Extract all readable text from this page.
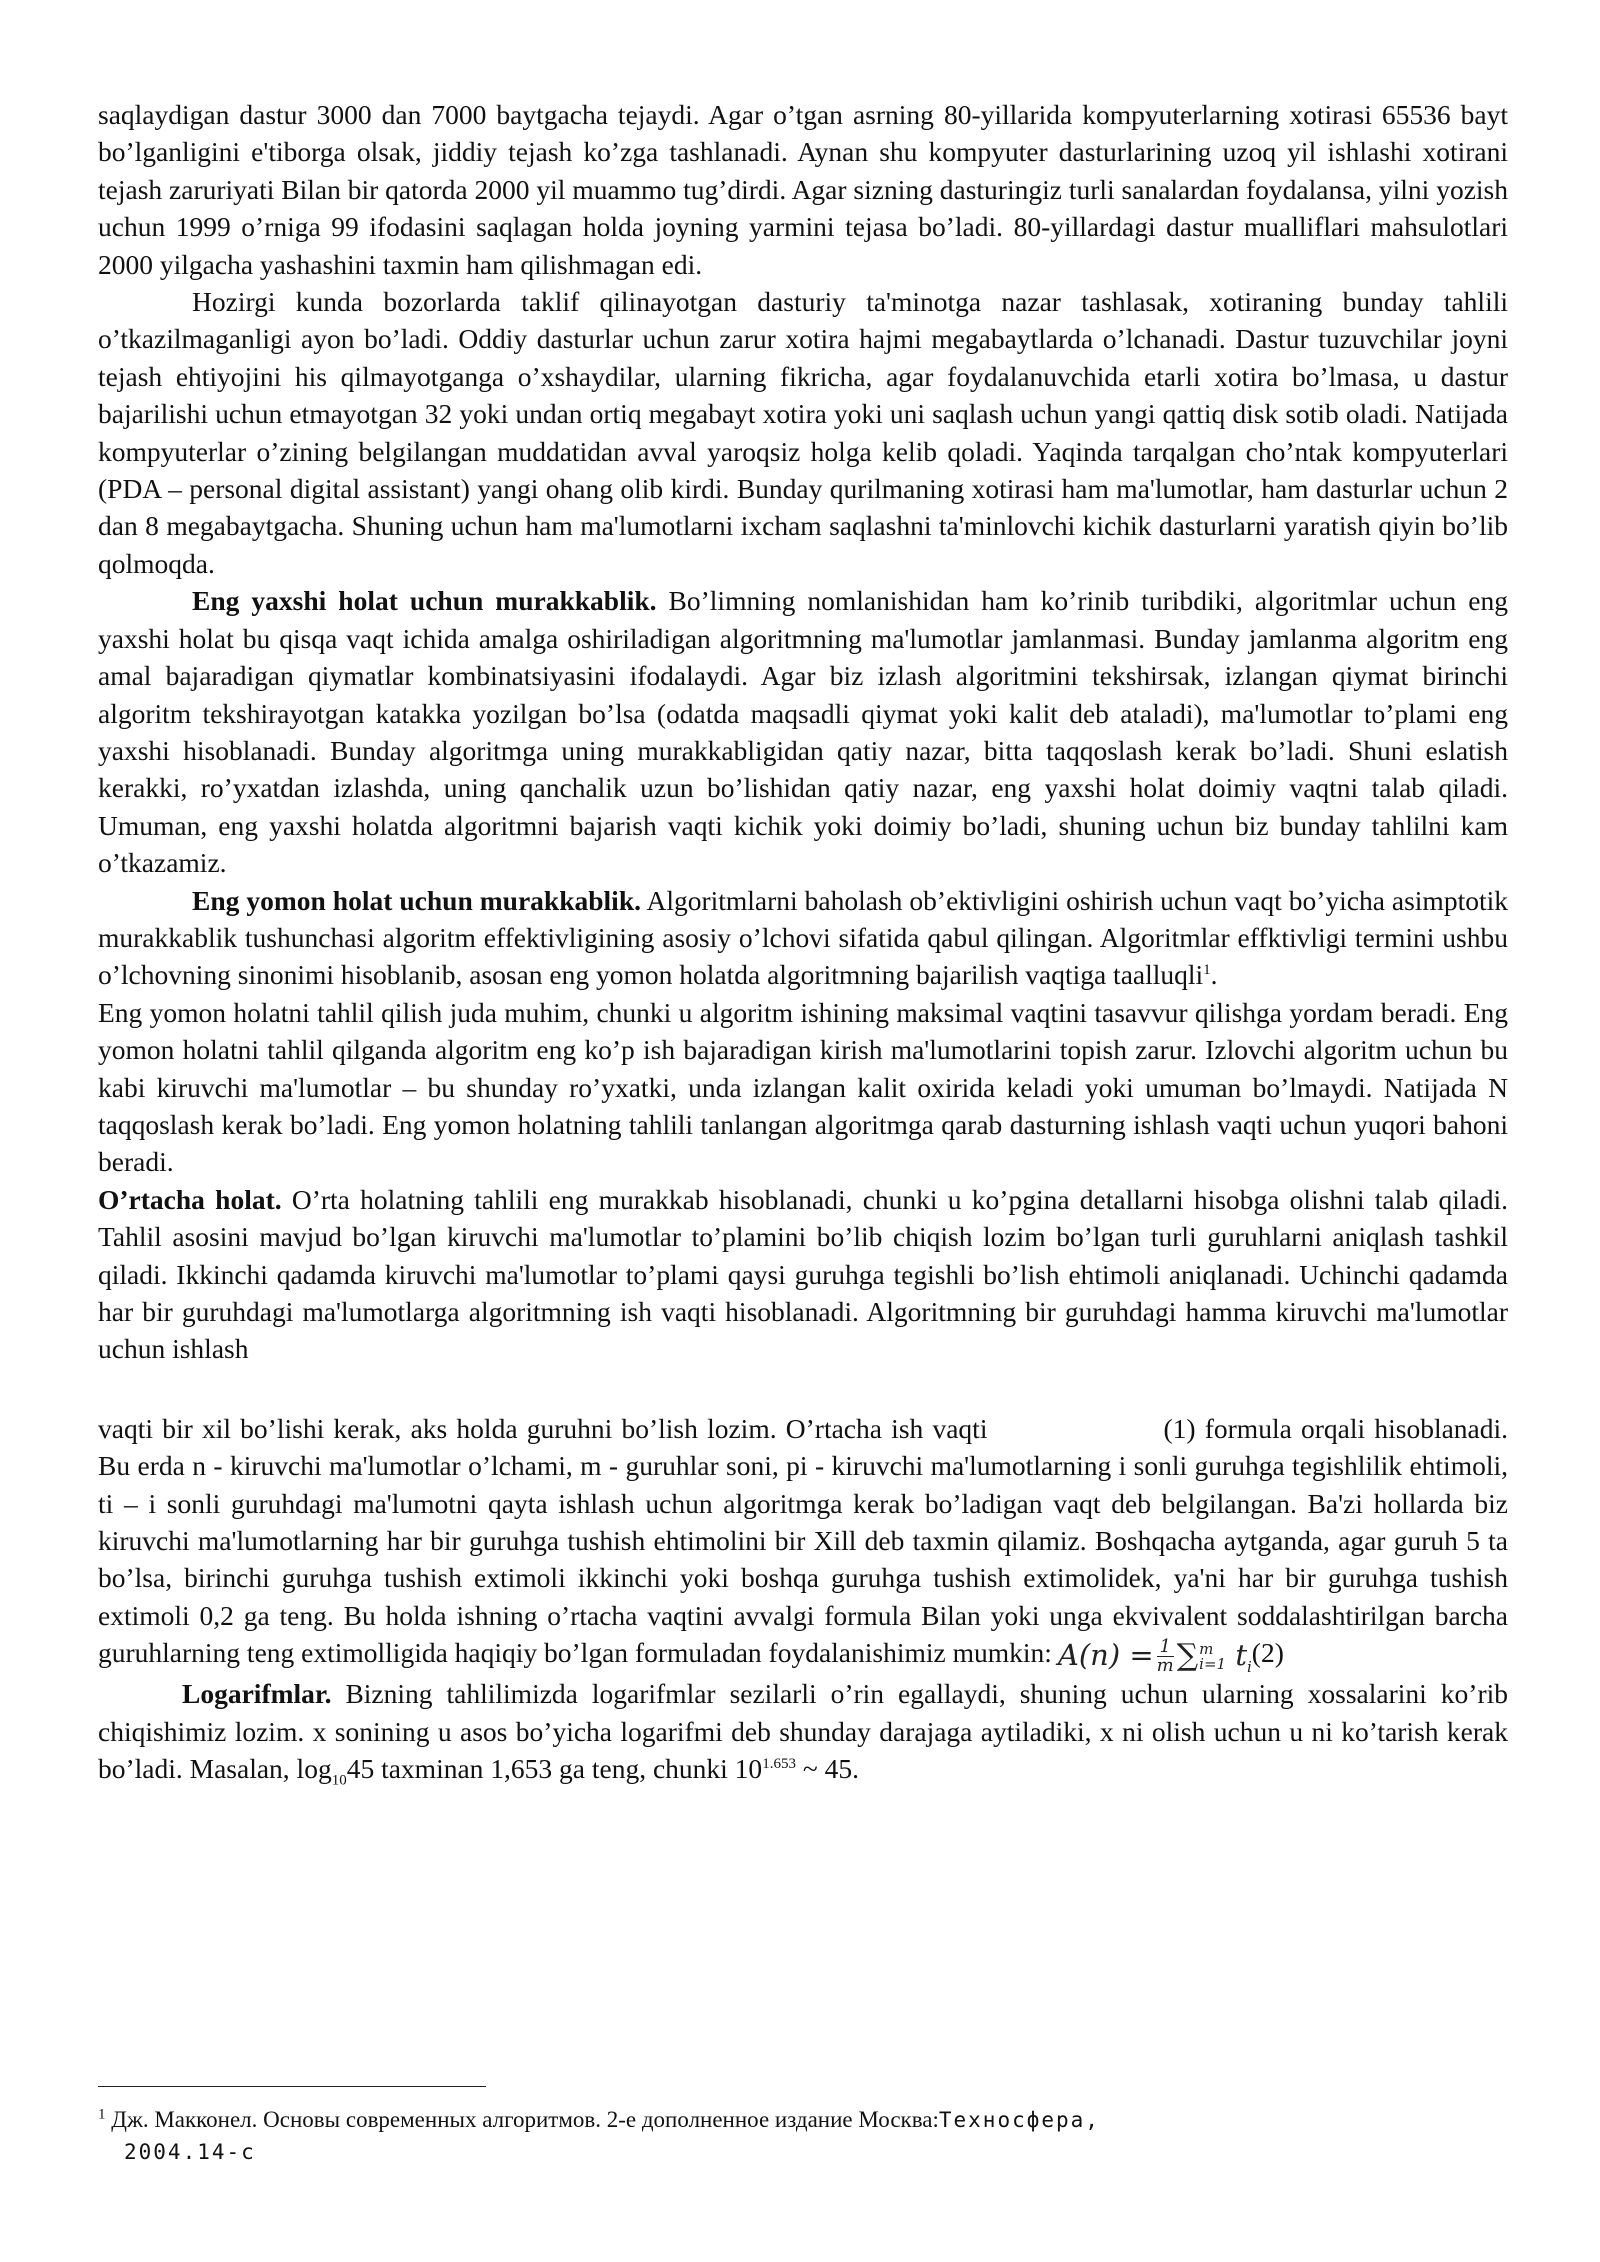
saqlaydigan dastur 3000 dan 7000 baytgacha tejaydi. Agar o’tgan asrning 80-yillarida kompyuterlarning xotirasi 65536 bayt bo’lganligini e'tiborga olsak, jiddiy tejash ko’zga tashlanadi. Aynan shu kompyuter dasturlarining uzoq yil ishlashi xotirani tejash zaruriyati Bilan bir qatorda 2000 yil muammo tug’dirdi. Agar sizning dasturingiz turli sanalardan foydalansa, yilni yozish uchun 1999 o’rniga 99 ifodasini saqlagan holda joyning yarmini tejasa bo’ladi. 80-yillardagi dastur mualliflari mahsulotlari 2000 yilgacha yashashini taxmin ham qilishmagan edi.

Hozirgi kunda bozorlarda taklif qilinayotgan dasturiy ta'minotga nazar tashlasak, xotiraning bunday tahlili o’tkazilmaganligi ayon bo’ladi. Oddiy dasturlar uchun zarur xotira hajmi megabaytlarda o’lchanadi. Dastur tuzuvchilar joyni tejash ehtiyojini his qilmayotganga o’xshaydilar, ularning fikricha, agar foydalanuvchida etarli xotira bo’lmasa, u dastur bajarilishi uchun etmayotgan 32 yoki undan ortiq megabayt xotira yoki uni saqlash uchun yangi qattiq disk sotib oladi. Natijada kompyuterlar o’zining belgilangan muddatidan avval yaroqsiz holga kelib qoladi. Yaqinda tarqalgan cho’ntak kompyuterlari (PDA – personal digital assistant) yangi ohang olib kirdi. Bunday qurilmaning xotirasi ham ma'lumotlar, ham dasturlar uchun 2 dan 8 megabaytgacha. Shuning uchun ham ma'lumotlarni ixcham saqlashni ta'minlovchi kichik dasturlarni yaratish qiyin bo’lib qolmoqda.

Eng yaxshi holat uchun murakkablik. Bo’limning nomlanishidan ham ko’rinib turibdiki, algoritmlar uchun eng yaxshi holat bu qisqa vaqt ichida amalga oshiriladigan algoritmning ma'lumotlar jamlanmasi. Bunday jamlanma algoritm eng amal bajaradigan qiymatlar kombinatsiyasini ifodalaydi. Agar biz izlash algoritmini tekshirsak, izlangan qiymat birinchi algoritm tekshirayotgan katakka yozilgan bo’lsa (odatda maqsadli qiymat yoki kalit deb ataladi), ma'lumotlar to’plami eng yaxshi hisoblanadi. Bunday algoritmga uning murakkabligidan qatiy nazar, bitta taqqoslash kerak bo’ladi. Shuni eslatish kerakki, ro’yxatdan izlashda, uning qanchalik uzun bo’lishidan qatiy nazar, eng yaxshi holat doimiy vaqtni talab qiladi. Umuman, eng yaxshi holatda algoritmni bajarish vaqti kichik yoki doimiy bo’ladi, shuning uchun biz bunday tahlilni kam o’tkazamiz.

Eng yomon holat uchun murakkablik. Algoritmlarni baholash ob’ektivligini oshirish uchun vaqt bo’yicha asimptotik murakkablik tushunchasi algoritm effektivligining asosiy o’lchovi sifatida qabul qilingan. Algoritmlar effktivligi termini ushbu o’lchovning sinonimi hisoblanib, asosan eng yomon holatda algoritmning bajarilish vaqtiga taalluqli$^1$.

Eng yomon holatni tahlil qilish juda muhim, chunki u algoritm ishining maksimal vaqtini tasavvur qilishga yordam beradi. Eng yomon holatni tahlil qilganda algoritm eng ko’p ish bajaradigan kirish ma'lumotlarini topish zarur. Izlovchi algoritm uchun bu kabi kiruvchi ma'lumotlar – bu shunday ro’yxatki, unda izlangan kalit oxirida keladi yoki umuman bo’lmaydi. Natijada N taqqoslash kerak bo’ladi. Eng yomon holatning tahlili tanlangan algoritmga qarab dasturning ishlash vaqti uchun yuqori bahoni beradi.

O’rtacha holat. O’rta holatning tahlili eng murakkab hisoblanadi, chunki u ko’pgina detallarni hisobga olishni talab qiladi. Tahlil asosini mavjud bo’lgan kiruvchi ma'lumotlar to’plamini bo’lib chiqish lozim bo’lgan turli guruhlarni aniqlash tashkil qiladi. Ikkinchi qadamda kiruvchi ma'lumotlar to’plami qaysi guruhga tegishli bo’lish ehtimoli aniqlanadi. Uchinchi qadamda har bir guruhdagi ma'lumotlarga algoritmning ish vaqti hisoblanadi. Algoritmning bir guruhdagi hamma kiruvchi ma'lumotlar uchun ishlash

vaqti bir xil bo’lishi kerak, aks holda guruhni bo’lish lozim. O’rtacha ish vaqti	(1) formula orqali hisoblanadi. Bu erda n - kiruvchi ma'lumotlar o’lchami, m - guruhlar soni, pi - kiruvchi ma'lumotlarning i sonli guruhga tegishlilik ehtimoli, ti – i sonli guruhdagi ma'lumotni qayta ishlash uchun algoritmga kerak bo’ladigan vaqt deb belgilangan. Ba'zi hollarda biz kiruvchi ma'lumotlarning har bir guruhga tushish ehtimolini bir Xill deb taxmin qilamiz. Boshqacha aytganda, agar guruh 5 ta bo’lsa, birinchi guruhga tushish extimoli ikkinchi yoki boshqa guruhga tushish extimolidek, ya'ni har bir guruhga tushish extimoli 0,2 ga teng. Bu holda ishning o’rtacha vaqtini avvalgi formula Bilan yoki unga ekvivalent soddalashtirilgan barcha guruhlarning teng extimolligida haqiqiy bo’lgan formuladan foydalanishimiz mumkin: $A(n) = \frac{1}{m}$ ∑ m
i=1 $t_i(2)$

Logarifmlar. Bizning tahlilimizda logarifmlar sezilarli o’rin egallaydi, shuning uchun ularning xossalarini ko’rib chiqishimiz lozim. x sonining u asos bo’yicha logarifmi deb shunday darajaga aytiladiki, x ni olish uchun u ni ko’tarish kerak bo’ladi. Masalan, $\log_{10}45$ taxminan 1,653 ga teng, chunki $10^{1.653}$ ~ 45.

$^1$ Дж. Макконел. Основы современных алгоритмов. 2-е дополненное издание Москва:Техносфера,
2004.14-c
